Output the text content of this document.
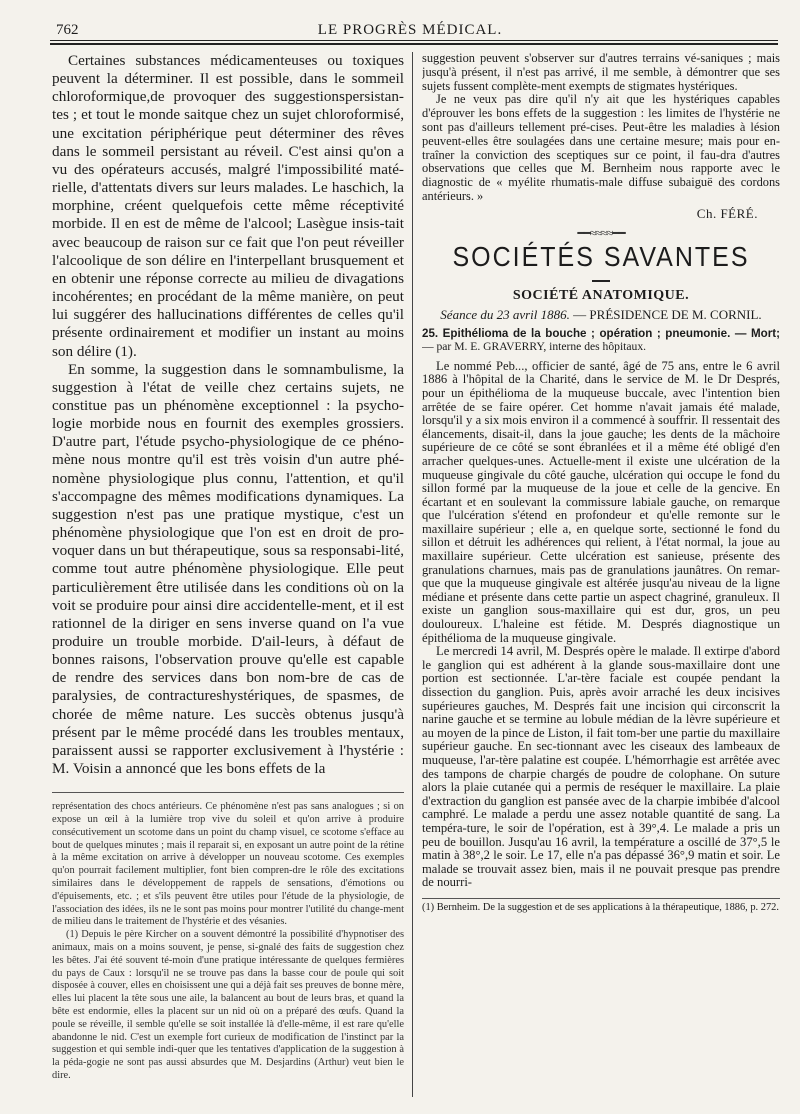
762	LE PROGRÈS MÉDICAL.

Certaines substances médicamenteuses ou toxiques peuvent la déterminer. Il est possible, dans le sommeil chloroformique,de provoquer des suggestionspersistan-tes ; et tout le monde saitque chez un sujet chloroformisé, une excitation périphérique peut déterminer des rêves dans le sommeil persistant au réveil. C'est ainsi qu'on a vu des opérateurs accusés, malgré l'impossibilité maté-rielle, d'attentats divers sur leurs malades. Le haschich, la morphine, créent quelquefois cette même réceptivité morbide. Il en est de même de l'alcool; Lasègue insis-tait avec beaucoup de raison sur ce fait que l'on peut réveiller l'alcoolique de son délire en l'interpellant brusquement et en obtenir une réponse correcte au milieu de divagations incohérentes; en procédant de la même manière, on peut lui suggérer des hallucinations différentes de celles qu'il présente ordinairement et modifier un instant au moins son délire (1).

En somme, la suggestion dans le somnambulisme, la suggestion à l'état de veille chez certains sujets, ne constitue pas un phénomène exceptionnel : la psycho-logie morbide nous en fournit des exemples grossiers. D'autre part, l'étude psycho-physiologique de ce phéno-mène nous montre qu'il est très voisin d'un autre phé-nomène physiologique plus connu, l'attention, et qu'il s'accompagne des mêmes modifications dynamiques. La suggestion n'est pas une pratique mystique, c'est un phénomène physiologique que l'on est en droit de pro-voquer dans un but thérapeutique, sous sa responsabi-lité, comme tout autre phénomène physiologique. Elle peut particulièrement être utilisée dans les conditions où on la voit se produire pour ainsi dire accidentelle-ment, et il est rationnel de la diriger en sens inverse quand on l'a vue produire un trouble morbide. D'ail-leurs, à défaut de bonnes raisons, l'observation prouve qu'elle est capable de rendre des services dans bon nom-bre de cas de paralysies, de contractureshystériques, de spasmes, de chorée de même nature. Les succès obtenus jusqu'à présent par le même procédé dans les troubles mentaux, paraissent aussi se rapporter exclusivement à l'hystérie : M. Voisin a annoncé que les bons effets de la

représentation des chocs antérieurs. Ce phénomène n'est pas sans analogues ; si on expose un œil à la lumière trop vive du soleil et qu'on arrive à produire consécutivement un scotome dans un point du champ visuel, ce scotome s'efface au bout de quelques minutes ; mais il reparait si, en exposant un autre point de la rétine à la même excitation on arrive à développer un nouveau scotome. Ces exemples qu'on pourrait facilement multiplier, font bien compren-dre le rôle des excitations similaires dans le développement de rappels de sensations, d'émotions ou d'épuisements, etc. ; et s'ils peuvent être utiles pour l'étude de la physiologie, de l'association des idées, ils ne le sont pas moins pour montrer l'utilité du change-ment de milieu dans le traitement de l'hystérie et des vésanies.

(1) Depuis le père Kircher on a souvent démontré la possibilité d'hypnotiser des animaux, mais on a moins souvent, je pense, si-gnalé des faits de suggestion chez les bêtes. J'ai été souvent té-moin d'une pratique intéressante de quelques fermières du pays de Caux : lorsqu'il ne se trouve pas dans la basse cour de poule qui soit disposée à couver, elles en choisissent une qui a déjà fait ses preuves de bonne mère, elles lui placent la tête sous une aile, la balancent au bout de leurs bras, et quand la bête est endormie, elles la placent sur un nid où on a préparé des œufs. Quand la poule se réveille, il semble qu'elle se soit installée là d'elle-même, il est rare qu'elle abandonne le nid. C'est un exemple fort curieux de modification de l'instinct par la suggestion et qui semble indi-quer que les tentatives d'application de la suggestion à la péda-gogie ne sont pas aussi absurdes que M. Desjardins (Arthur) veut bien le dire.

suggestion peuvent s'observer sur d'autres terrains vé-saniques ; mais jusqu'à présent, il n'est pas arrivé, il me semble, à démontrer que ses sujets fussent complète-ment exempts de stigmates hystériques.

Je ne veux pas dire qu'il n'y ait que les hystériques capables d'éprouver les bons effets de la suggestion : les limites de l'hystérie ne sont pas d'ailleurs tellement pré-cises. Peut-être les maladies à lésion peuvent-elles être soulagées dans une certaine mesure; mais pour en-traîner la conviction des sceptiques sur ce point, il fau-dra d'autres observations que celles que M. Bernheim nous rapporte avec le diagnostic de « myélite rhumatis-male diffuse subaiguë des cordons antérieurs. »

Ch. FÉRÉ.
━━≈≈≈≈━━
SOCIÉTÉS SAVANTES
SOCIÉTÉ ANATOMIQUE.
Séance du 23 avril 1886. — PRÉSIDENCE DE M. CORNIL.

25. Epithélioma de la bouche ; opération ; pneumonie. — Mort; — par M. E. GRAVERRY, interne des hôpitaux.

Le nommé Peb..., officier de santé, âgé de 75 ans, entre le 6 avril 1886 à l'hôpital de la Charité, dans le service de M. le Dr Després, pour un épithélioma de la muqueuse buccale, avec l'intention bien arrêtée de se faire opérer. Cet homme n'avait jamais été malade, lorsqu'il y a six mois environ il a commencé à souffrir. Il ressentait des élancements, disait-il, dans la joue gauche; les dents de la mâchoire supérieure de ce côté se sont ébranlées et il a même été obligé d'en arracher quelques-unes. Actuelle-ment il existe une ulcération de la muqueuse gingivale du côté gauche, ulcération qui occupe le fond du sillon formé par la muqueuse de la joue et celle de la gencive. En écartant et en soulevant la commissure labiale gauche, on remarque que l'ulcération s'étend en profondeur et qu'elle remonte sur le maxillaire supérieur ; elle a, en quelque sorte, sectionné le fond du sillon et détruit les adhérences qui relient, à l'état normal, la joue au maxillaire supérieur. Cette ulcération est sanieuse, présente des granulations charnues, mais pas de granulations jaunâtres. On remar-que que la muqueuse gingivale est altérée jusqu'au niveau de la ligne médiane et présente dans cette partie un aspect chagriné, granuleux. Il existe un ganglion sous-maxillaire qui est dur, gros, un peu douloureux. L'haleine est fétide. M. Després diagnostique un épithélioma de la muqueuse gingivale.

Le mercredi 14 avril, M. Després opère le malade. Il extirpe d'abord le ganglion qui est adhérent à la glande sous-maxillaire dont une portion est sectionnée. L'ar-tère faciale est coupée pendant la dissection du ganglion. Puis, après avoir arraché les deux incisives supérieures gauches, M. Després fait une incision qui circonscrit la narine gauche et se termine au lobule médian de la lèvre supérieure et au moyen de la pince de Liston, il fait tom-ber une partie du maxillaire supérieur gauche. En sec-tionnant avec les ciseaux des lambeaux de muqueuse, l'ar-tère palatine est coupée. L'hémorrhagie est arrêtée avec des tampons de charpie chargés de poudre de colophane. On suture alors la plaie cutanée qui a permis de reséquer le maxillaire. La plaie d'extraction du ganglion est pansée avec de la charpie imbibée d'alcool camphré. Le malade a perdu une assez notable quantité de sang. La tempéra-ture, le soir de l'opération, est à 39°,4. Le malade a pris un peu de bouillon. Jusqu'au 16 avril, la température a oscillé de 37°,5 le matin à 38°,2 le soir. Le 17, elle n'a pas dépassé 36°,9 matin et soir. Le malade se trouvait assez bien, mais il ne pouvait presque pas prendre de nourri-

(1) Bernheim. De la suggestion et de ses applications à la thérapeutique, 1886, p. 272.
